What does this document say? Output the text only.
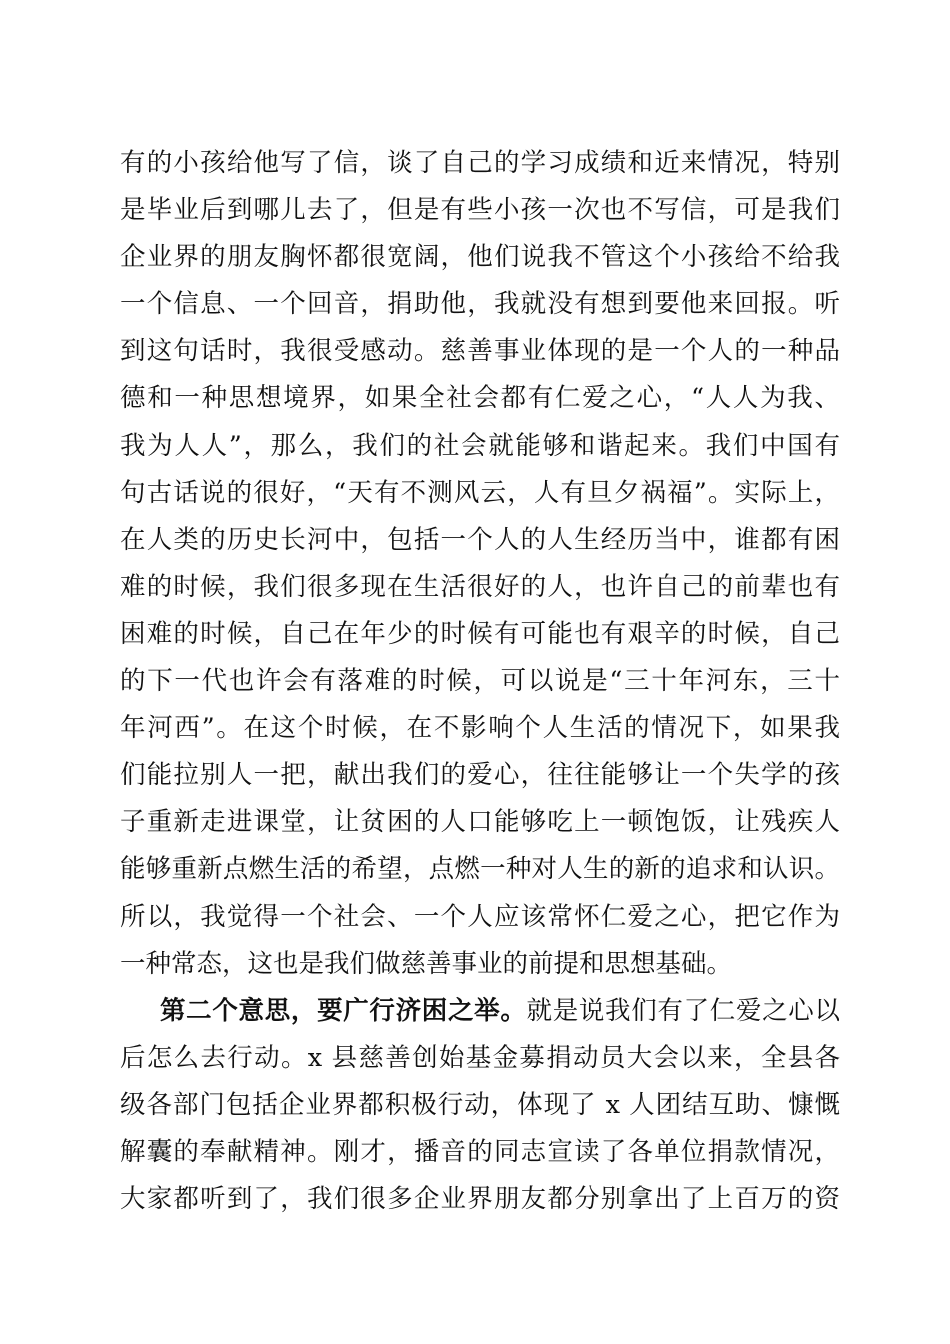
有的小孩给他写了信，谈了自己的学习成绩和近来情况，特别
是毕业后到哪儿去了，但是有些小孩一次也不写信，可是我们
企业界的朋友胸怀都很宽阔，他们说我不管这个小孩给不给我
一个信息、一个回音，捐助他，我就没有想到要他来回报。听
到这句话时，我很受感动。慈善事业体现的是一个人的一种品
德和一种思想境界，如果全社会都有仁爱之心，“人人为我、
我为人人”，那么，我们的社会就能够和谐起来。我们中国有
句古话说的很好，“天有不测风云，人有旦夕祸福”。实际上，
在人类的历史长河中，包括一个人的人生经历当中，谁都有困
难的时候，我们很多现在生活很好的人，也许自己的前辈也有
困难的时候，自己在年少的时候有可能也有艰辛的时候，自己
的下一代也许会有落难的时候，可以说是“三十年河东，三十
年河西”。在这个时候，在不影响个人生活的情况下，如果我
们能拉别人一把，献出我们的爱心，往往能够让一个失学的孩
子重新走进课堂，让贫困的人口能够吃上一顿饱饭，让残疾人
能够重新点燃生活的希望，点燃一种对人生的新的追求和认识。
所以，我觉得一个社会、一个人应该常怀仁爱之心，把它作为
一种常态，这也是我们做慈善事业的前提和思想基础。
第二个意思，要广行济困之举。就是说我们有了仁爱之心以
后怎么去行动。x 县慈善创始基金募捐动员大会以来，全县各
级各部门包括企业界都积极行动，体现了 x 人团结互助、慷慨
解囊的奉献精神。刚才，播音的同志宣读了各单位捐款情况，
大家都听到了，我们很多企业界朋友都分别拿出了上百万的资
